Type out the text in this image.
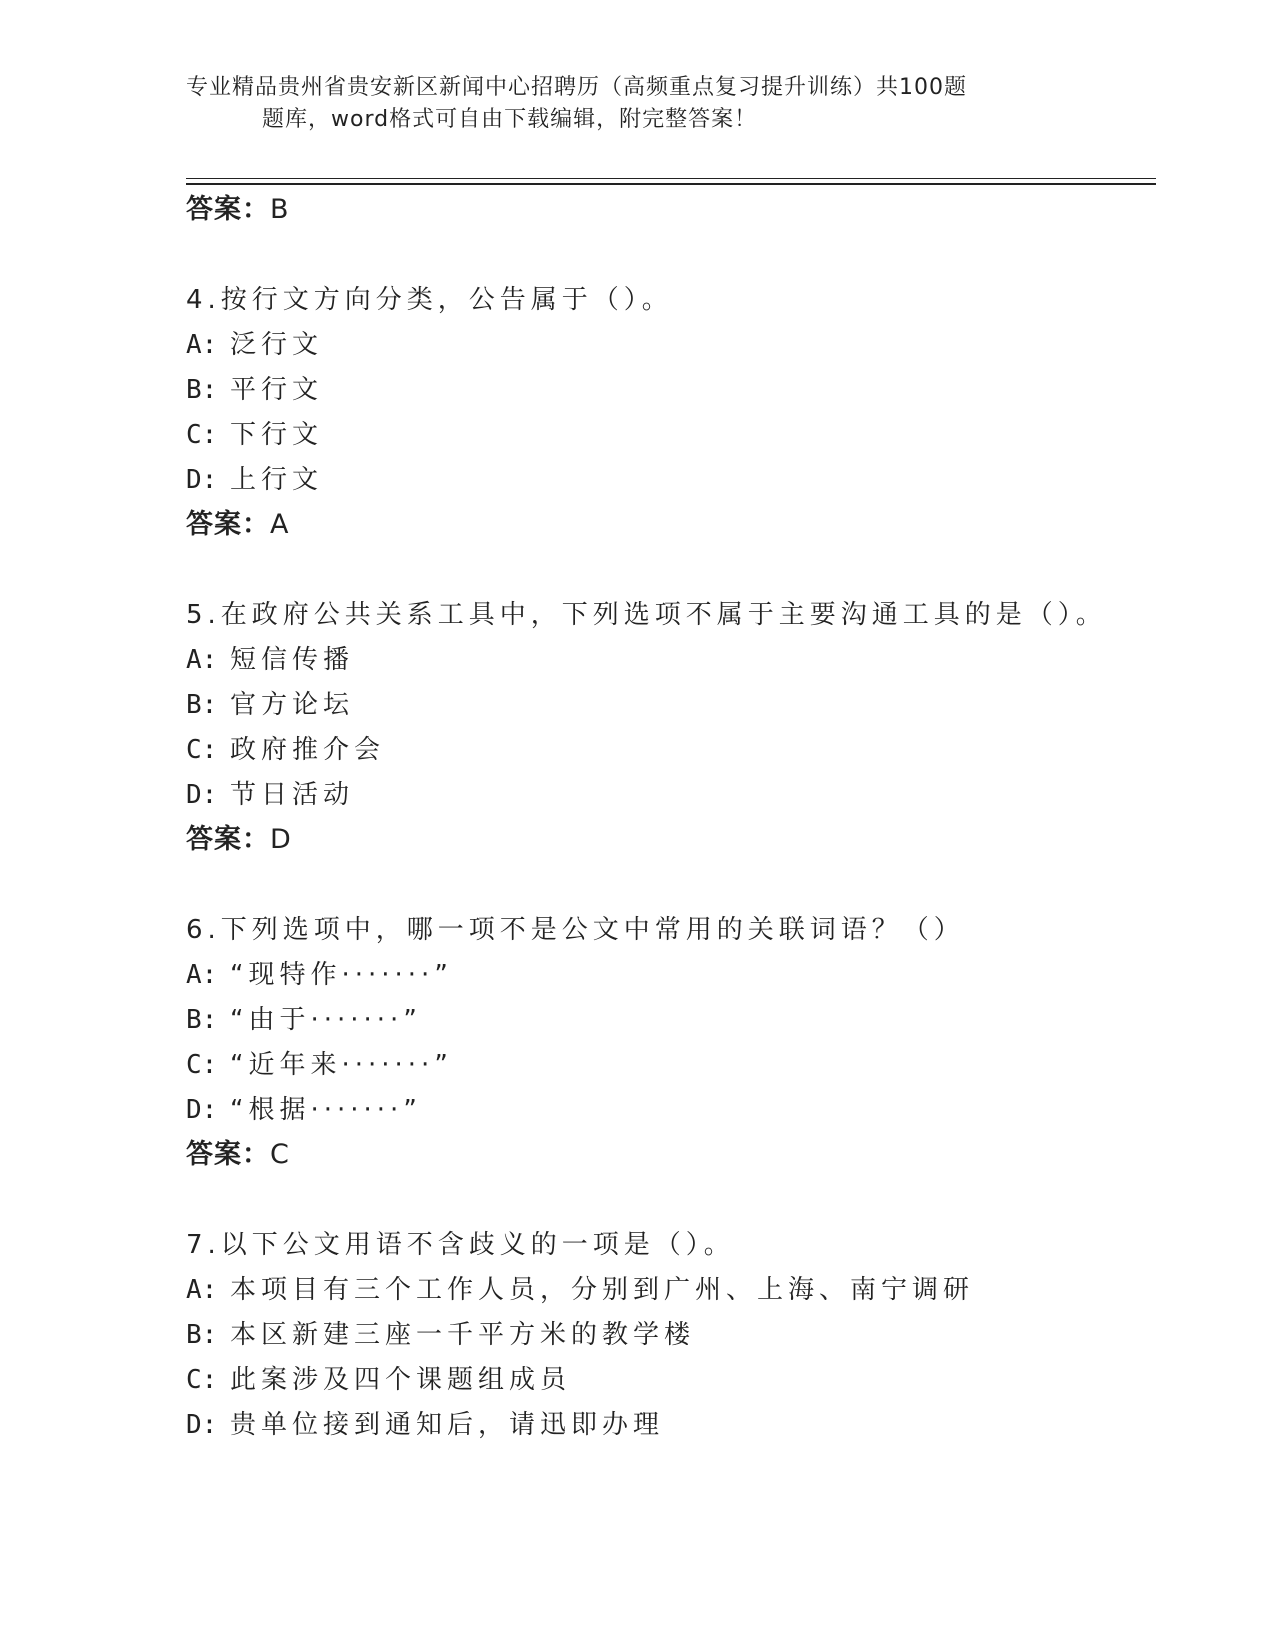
专业精品贵州省贵安新区新闻中心招聘历（高频重点复习提升训练）共100题
题库，word格式可自由下载编辑，附完整答案！
答案：B
4.按行文方向分类，公告属于（）。
A: 泛行文
B: 平行文
C: 下行文
D: 上行文
答案：A
5.在政府公共关系工具中，下列选项不属于主要沟通工具的是（）。
A: 短信传播
B: 官方论坛
C: 政府推介会
D: 节日活动
答案：D
6.下列选项中，哪一项不是公文中常用的关联词语？（）
A: “现特作·······”
B: “由于·······”
C: “近年来·······”
D: “根据·······”
答案：C
7.以下公文用语不含歧义的一项是（）。
A: 本项目有三个工作人员，分别到广州、上海、南宁调研
B: 本区新建三座一千平方米的教学楼
C: 此案涉及四个课题组成员
D: 贵单位接到通知后，请迅即办理
